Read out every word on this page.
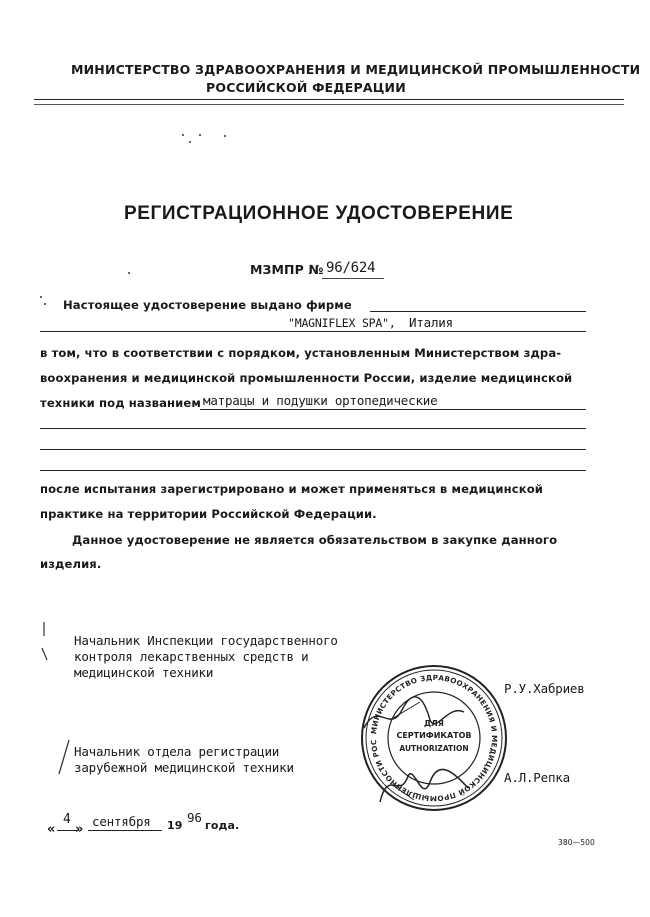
МИНИСТЕРСТВО ЗДРАВООХРАНЕНИЯ И МЕДИЦИНСКОЙ ПРОМЫШЛЕННОСТИ
РОССИЙСКОЙ ФЕДЕРАЦИИ
РЕГИСТРАЦИОННОЕ УДОСТОВЕРЕНИЕ
МЗМПР № 96/624
Настоящее удостоверение выдано фирме
"MAGNIFLEX SPA", Италия
в том, что в соответствии с порядком, установленным Министерством здра-
воохранения и медицинской промышленности России, изделие медицинской
техники под названием матрацы и подушки ортопедические
после испытания зарегистрировано и может применяться в медицинской
практике на территории Российской Федерации.
Данное удостоверение не является обязательством в закупке данного
изделия.
Начальник Инспекции государственного
контроля лекарственных средств и
медицинской техники
Р.У.Хабриев
Начальник отдела регистрации
зарубежной медицинской техники
А.Л.Репка
МИНИСТЕРСТВО ЗДРАВООХРАНЕНИЯ И МЕДИЦИНСКОЙ ПРОМЫШЛЕННОСТИ РОС
ДЛЯ
СЕРТИФИКАТОВ
AUTHORIZATION
«
4
»
сентября 19
96
года.
380—500
